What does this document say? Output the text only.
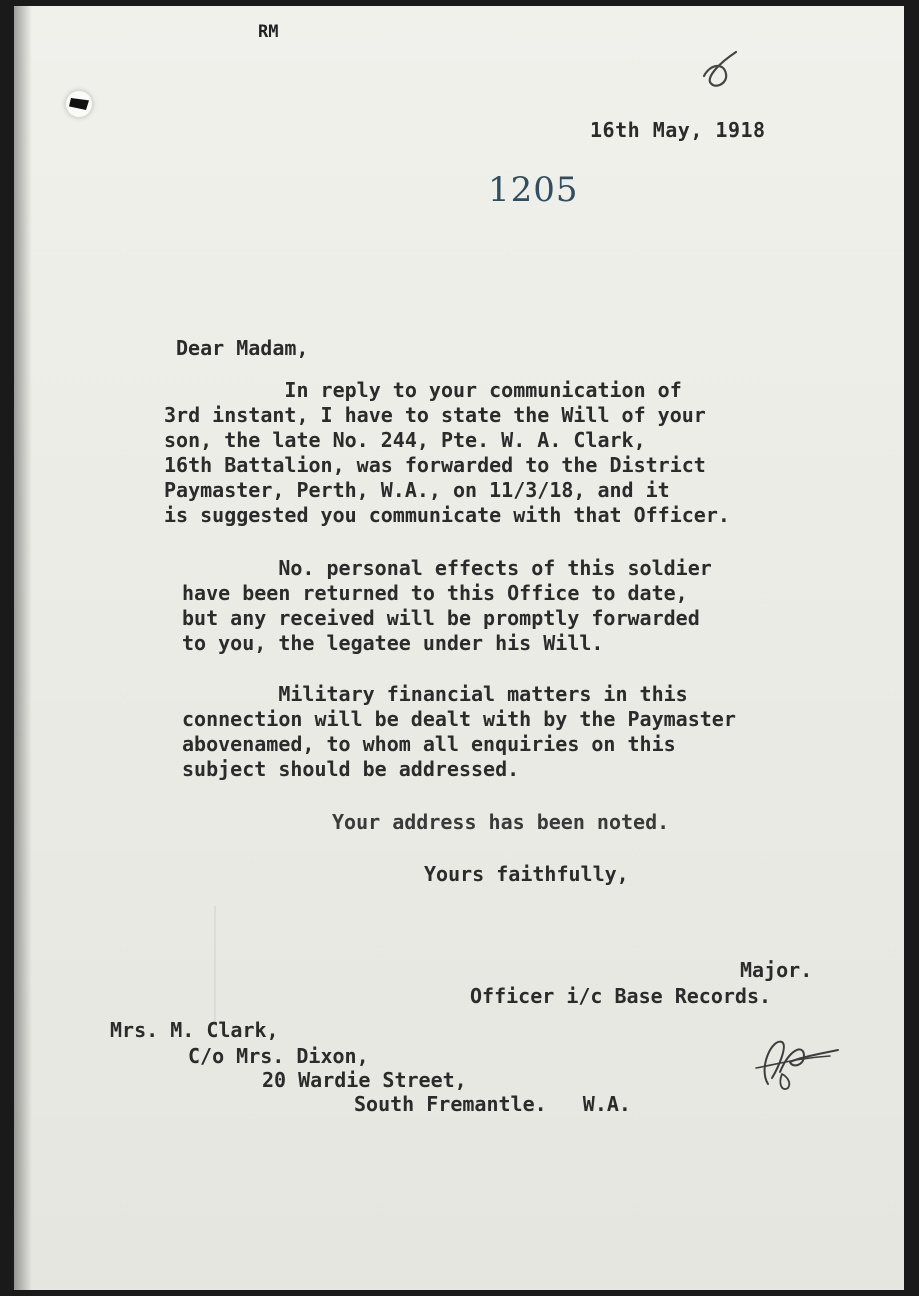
RM
16th May, 1918
1205
Dear Madam,
In reply to your communication of
3rd instant, I have to state the Will of your
son, the late No. 244, Pte. W. A. Clark,
16th Battalion, was forwarded to the District
Paymaster, Perth, W.A., on 11/3/18, and it
is suggested you communicate with that Officer.
No. personal effects of this soldier
have been returned to this Office to date,
but any received will be promptly forwarded
to you, the legatee under his Will.
Military financial matters in this
connection will be dealt with by the Paymaster
abovenamed, to whom all enquiries on this
subject should be addressed.
Your address has been noted.
Yours faithfully,
Major.
Officer i/c Base Records.
Mrs. M. Clark,
C/o Mrs. Dixon,
20 Wardie Street,
South Fremantle.   W.A.
